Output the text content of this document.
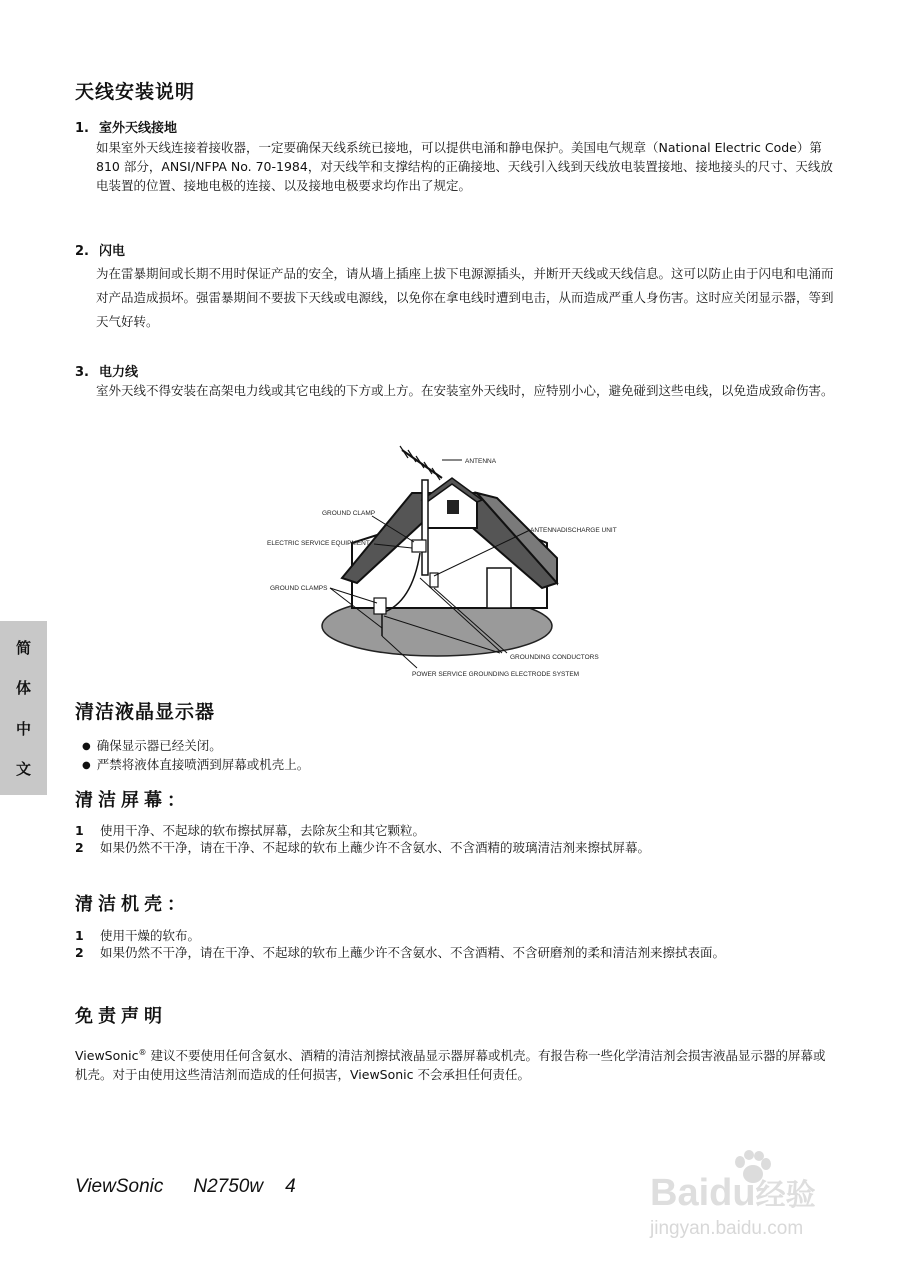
天线安装说明
1. 室外天线接地
如果室外天线连接着接收器，一定要确保天线系统已接地，可以提供电涌和静电保护。美国电气规章（National Electric Code）第 810 部分，ANSI/NFPA No. 70-1984，对天线竿和支撑结构的正确接地、天线引入线到天线放电装置接地、接地接头的尺寸、天线放电装置的位置、接地电极的连接、以及接地电极要求均作出了规定。
2. 闪电
为在雷暴期间或长期不用时保证产品的安全，请从墙上插座上拔下电源源插头，并断开天线或天线信息。这可以防止由于闪电和电涌而对产品造成损坏。强雷暴期间不要拔下天线或电源线，以免你在拿电线时遭到电击，从而造成严重人身伤害。这时应关闭显示器，等到天气好转。
3. 电力线
室外天线不得安装在高架电力线或其它电线的下方或上方。在安装室外天线时，应特别小心，避免碰到这些电线，以免造成致命伤害。
ANTENNA
GROUND CLAMP
ANTENNADISCHARGE UNIT
ELECTRIC SERVICE EQUIPMENT
GROUND CLAMPS
GROUNDING CONDUCTORS
POWER SERVICE GROUNDING ELECTRODE SYSTEM
简
体
中
文
清洁液晶显示器
● 确保显示器已经关闭。
● 严禁将液体直接喷洒到屏幕或机壳上。
清洁屏幕：
1 使用干净、不起球的软布擦拭屏幕，去除灰尘和其它颗粒。
2 如果仍然不干净，请在干净、不起球的软布上蘸少许不含氨水、不含酒精的玻璃清洁剂来擦拭屏幕。
清洁机壳：
1 使用干燥的软布。
2 如果仍然不干净，请在干净、不起球的软布上蘸少许不含氨水、不含酒精、不含研磨剂的柔和清洁剂来擦拭表面。
免责声明
ViewSonic® 建议不要使用任何含氨水、酒精的清洁剂擦拭液晶显示器屏幕或机壳。有报告称一些化学清洁剂会损害液晶显示器的屏幕或机壳。对于由使用这些清洁剂而造成的任何损害，ViewSonic 不会承担任何责任。
ViewSonic N2750w 4	Baidu经验
jingyan.baidu.com
